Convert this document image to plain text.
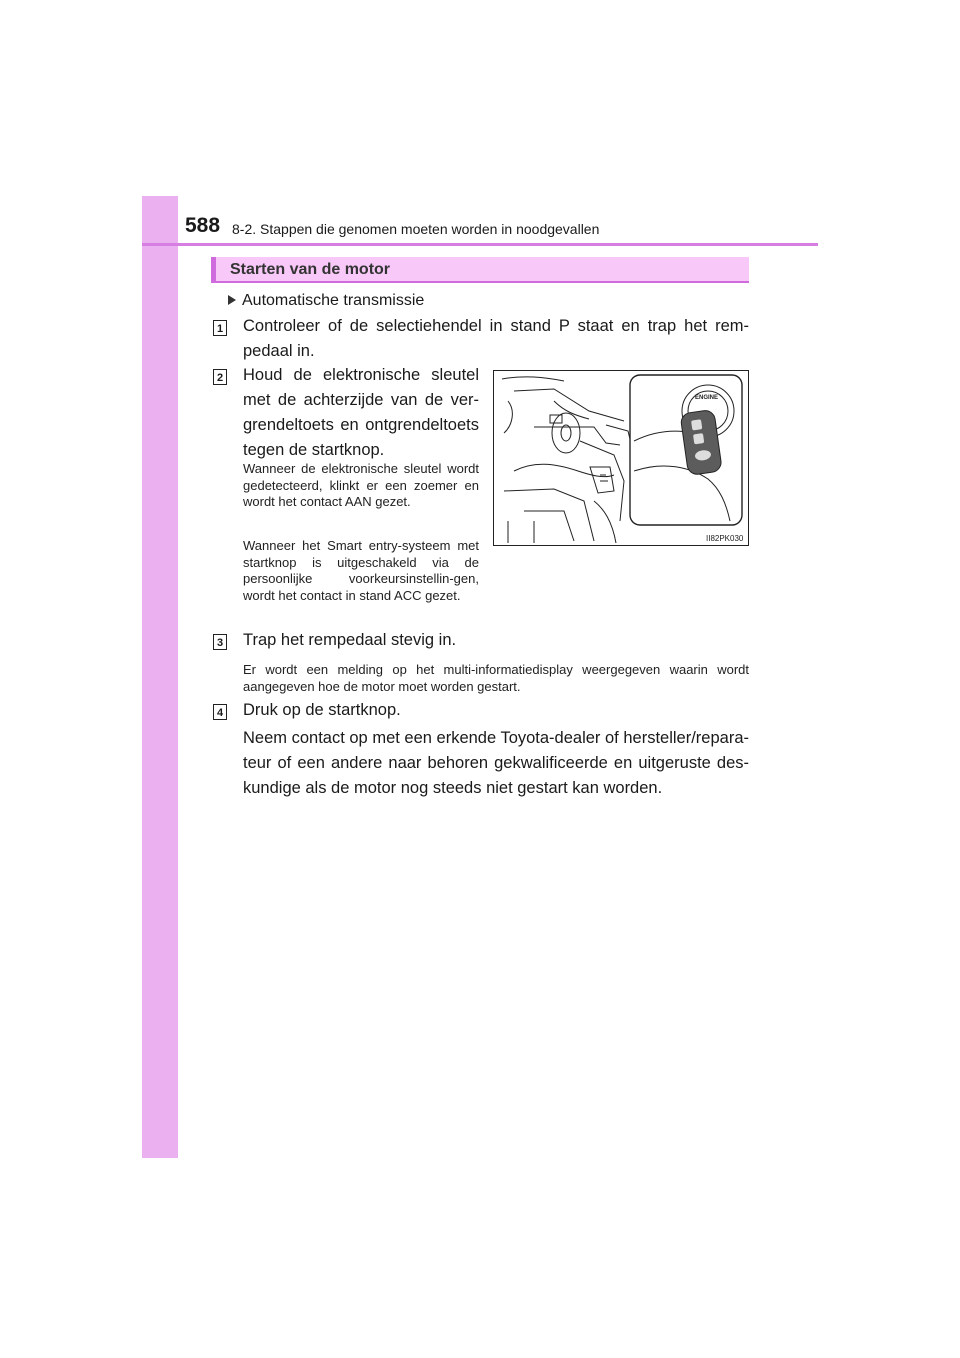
588 8-2. Stappen die genomen moeten worden in noodgevallen
Starten van de motor
Automatische transmissie
1 Controleer of de selectiehendel in stand P staat en trap het rem-pedaal in.
2 Houd de elektronische sleutel met de achterzijde van de ver-grendeltoets en ontgrendeltoets tegen de startknop.
Wanneer de elektronische sleutel wordt gedetecteerd, klinkt er een zoemer en wordt het contact AAN gezet.
Wanneer het Smart entry-systeem met startknop is uitgeschakeld via de persoonlijke voorkeursinstellin-gen, wordt het contact in stand ACC gezet.
ENGINE
II82PK030
3 Trap het rempedaal stevig in.
Er wordt een melding op het multi-informatiedisplay weergegeven waarin wordt aangegeven hoe de motor moet worden gestart.
4 Druk op de startknop.
Neem contact op met een erkende Toyota-dealer of hersteller/repara-teur of een andere naar behoren gekwalificeerde en uitgeruste des-kundige als de motor nog steeds niet gestart kan worden.
